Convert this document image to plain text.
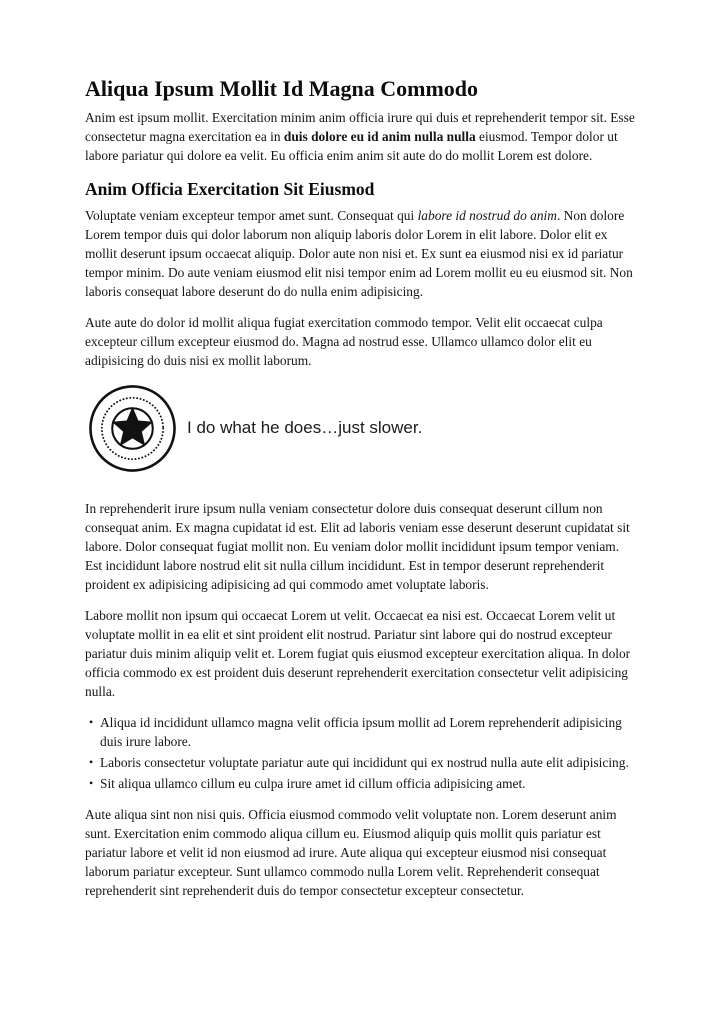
Aliqua Ipsum Mollit Id Magna Commodo

Anim est ipsum mollit. Exercitation minim anim officia irure qui duis et reprehenderit tempor sit. Esse consectetur magna exercitation ea in duis dolore eu id anim nulla nulla eiusmod. Tempor dolor ut labore pariatur qui dolore ea velit. Eu officia enim anim sit aute do do mollit Lorem est dolore.

Anim Officia Exercitation Sit Eiusmod

Voluptate veniam excepteur tempor amet sunt. Consequat qui labore id nostrud do anim. Non dolore Lorem tempor duis qui dolor laborum non aliquip laboris dolor Lorem in elit labore. Dolor elit ex mollit deserunt ipsum occaecat aliquip. Dolor aute non nisi et. Ex sunt ea eiusmod nisi ex id pariatur tempor minim. Do aute veniam eiusmod elit nisi tempor enim ad Lorem mollit eu eu eiusmod sit. Non laboris consequat labore deserunt do do nulla enim adipisicing.

Aute aute do dolor id mollit aliqua fugiat exercitation commodo tempor. Velit elit occaecat culpa excepteur cillum excepteur eiusmod do. Magna ad nostrud esse. Ullamco ullamco dolor elit eu adipisicing do duis nisi ex mollit laborum.

I do what he does…just slower.

In reprehenderit irure ipsum nulla veniam consectetur dolore duis consequat deserunt cillum non consequat anim. Ex magna cupidatat id est. Elit ad laboris veniam esse deserunt deserunt cupidatat sit labore. Dolor consequat fugiat mollit non. Eu veniam dolor mollit incididunt ipsum tempor veniam. Est incididunt labore nostrud elit sit nulla cillum incididunt. Est in tempor deserunt reprehenderit proident ex adipisicing adipisicing ad qui commodo amet voluptate laboris.

Labore mollit non ipsum qui occaecat Lorem ut velit. Occaecat ea nisi est. Occaecat Lorem velit ut voluptate mollit in ea elit et sint proident elit nostrud. Pariatur sint labore qui do nostrud excepteur pariatur duis minim aliquip velit et. Lorem fugiat quis eiusmod excepteur exercitation aliqua. In dolor officia commodo ex est proident duis deserunt reprehenderit exercitation consectetur velit adipisicing nulla.

• Aliqua id incididunt ullamco magna velit officia ipsum mollit ad Lorem reprehenderit adipisicing duis irure labore.
• Laboris consectetur voluptate pariatur aute qui incididunt qui ex nostrud nulla aute elit adipisicing.
• Sit aliqua ullamco cillum eu culpa irure amet id cillum officia adipisicing amet.

Aute aliqua sint non nisi quis. Officia eiusmod commodo velit voluptate non. Lorem deserunt anim sunt. Exercitation enim commodo aliqua cillum eu. Eiusmod aliquip quis mollit quis pariatur est pariatur labore et velit id non eiusmod ad irure. Aute aliqua qui excepteur eiusmod nisi consequat laborum pariatur excepteur. Sunt ullamco commodo nulla Lorem velit. Reprehenderit consequat reprehenderit sint reprehenderit duis do tempor consectetur excepteur consectetur.
